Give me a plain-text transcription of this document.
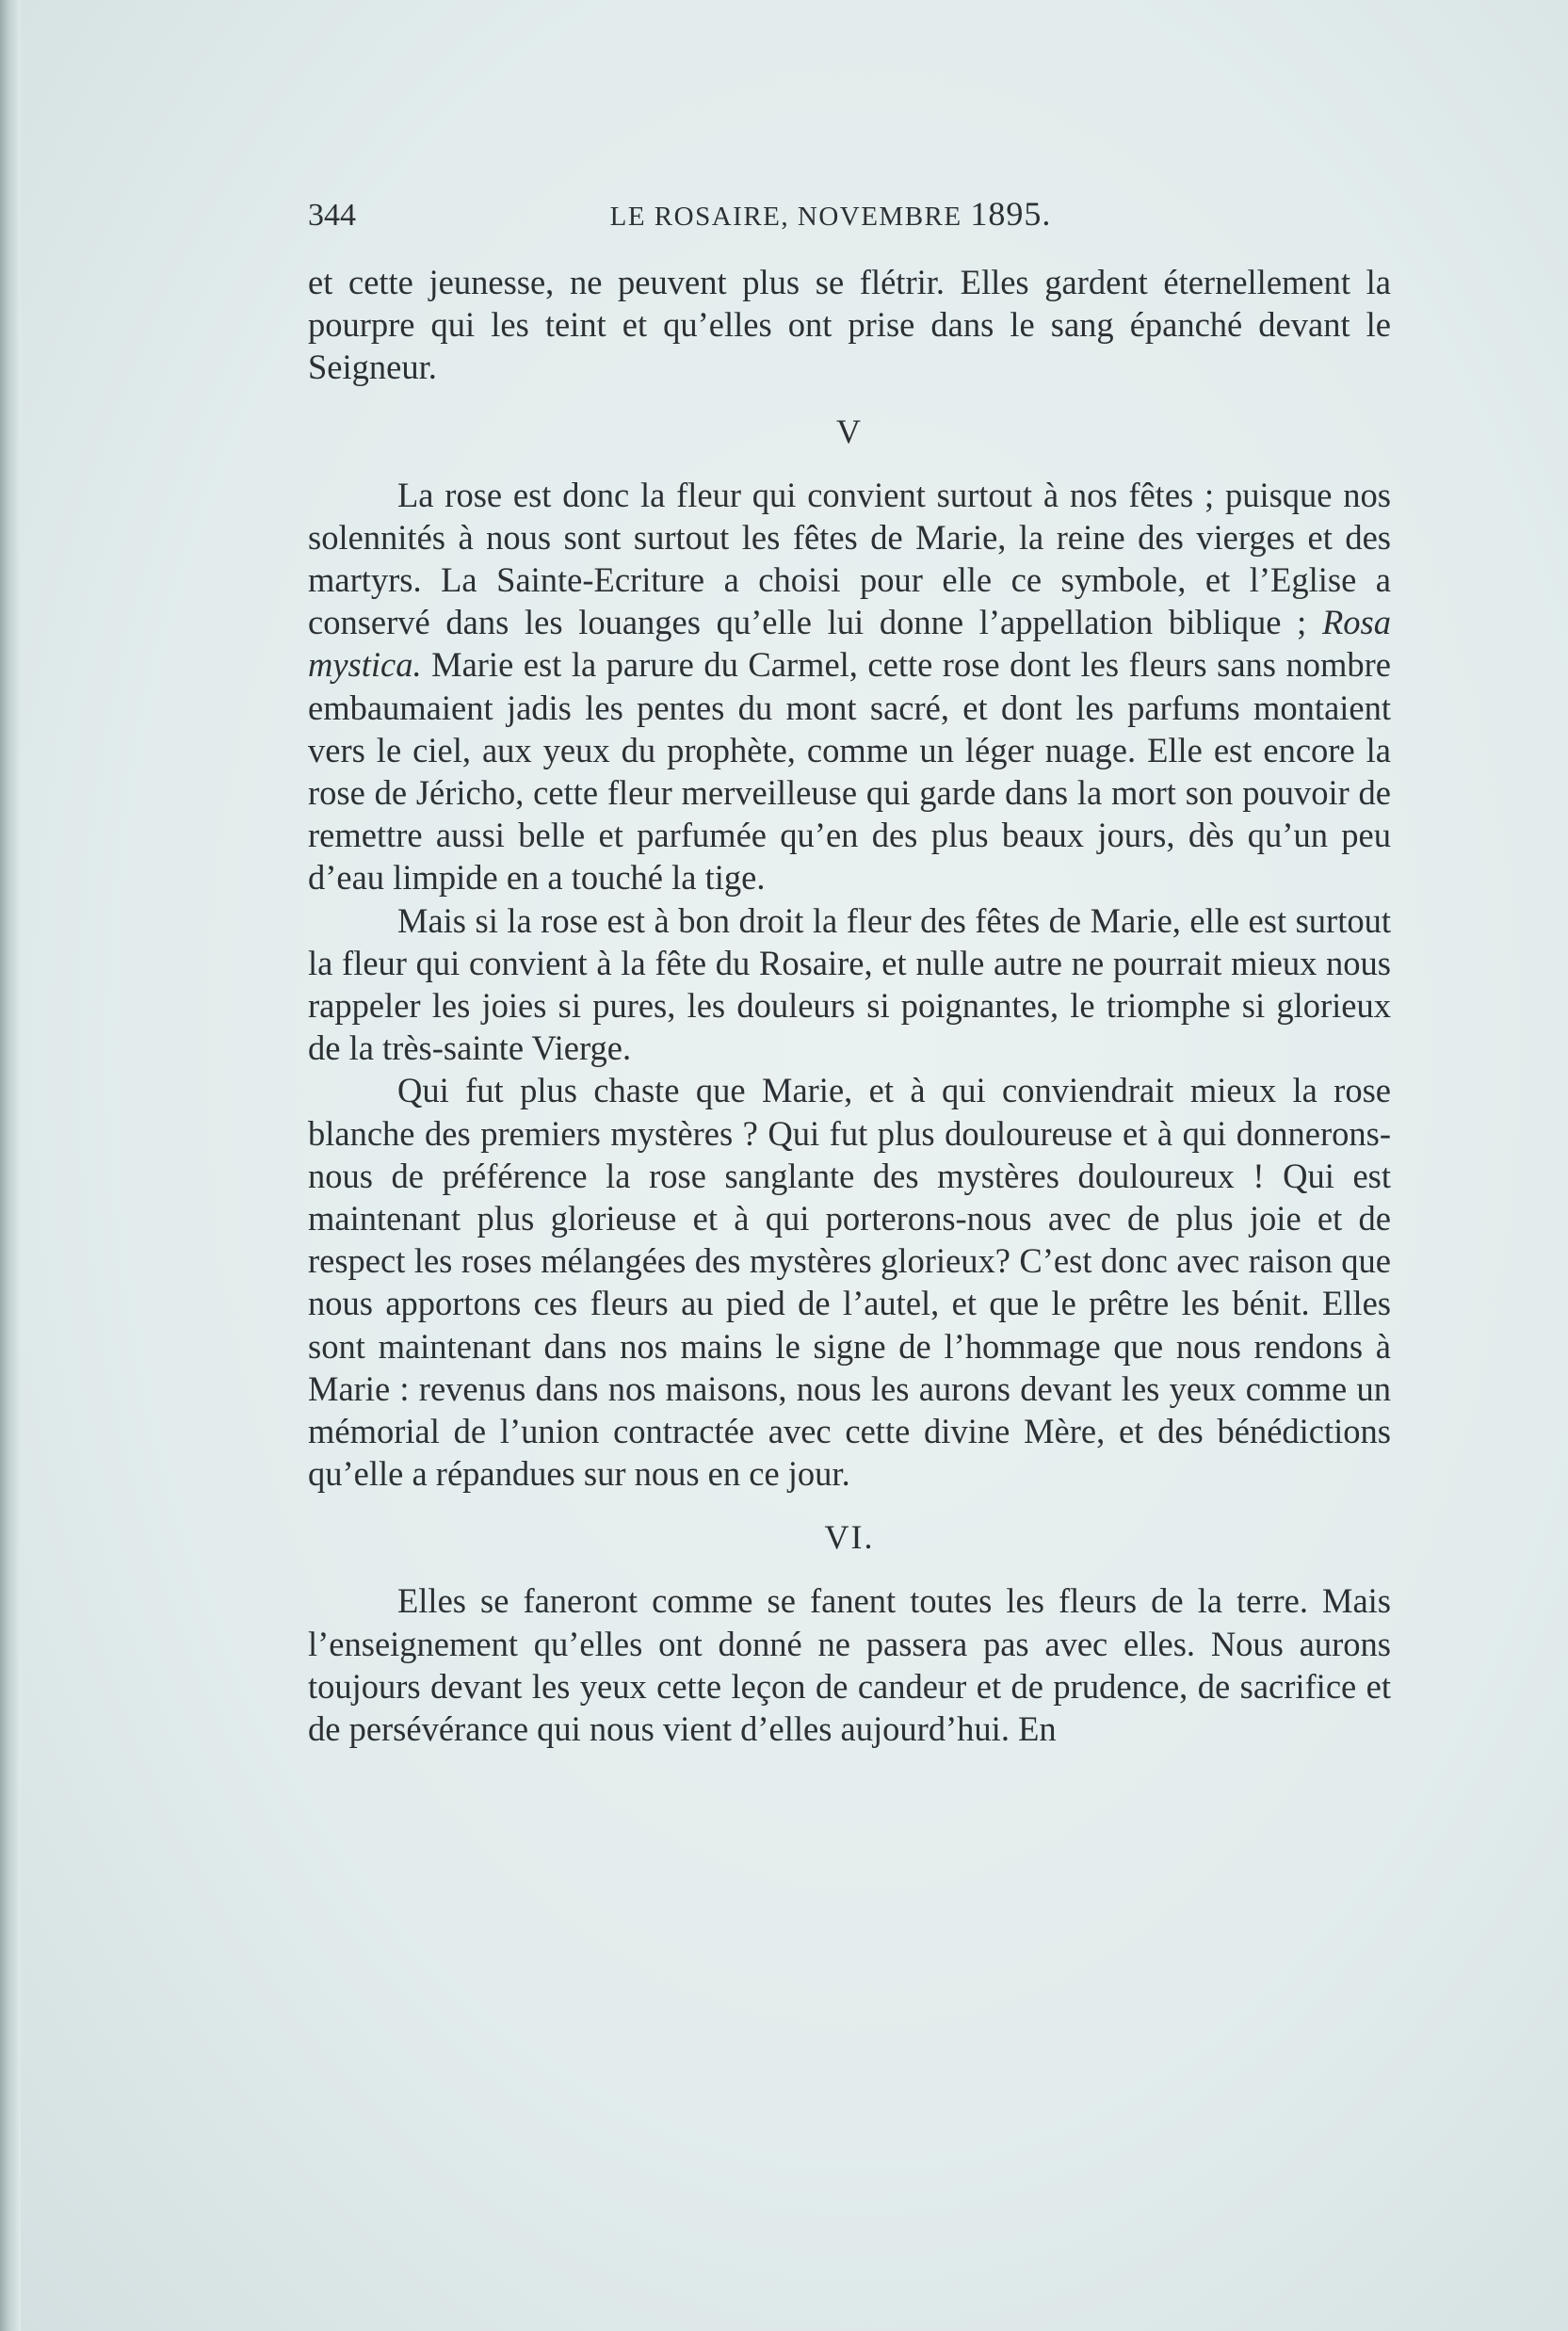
344	LE ROSAIRE, NOVEMBRE 1895.

et cette jeunesse, ne peuvent plus se flétrir. Elles gardent éternellement la pourpre qui les teint et qu’elles ont prise dans le sang épanché devant le Seigneur.

V

La rose est donc la fleur qui convient surtout à nos fêtes ; puisque nos solennités à nous sont surtout les fêtes de Marie, la reine des vierges et des martyrs. La Sainte-Ecriture a choisi pour elle ce symbole, et l’Eglise a conservé dans les louanges qu’elle lui donne l’appellation biblique ; Rosa mystica. Marie est la parure du Carmel, cette rose dont les fleurs sans nombre embaumaient jadis les pentes du mont sacré, et dont les parfums montaient vers le ciel, aux yeux du prophète, comme un léger nuage. Elle est encore la rose de Jéricho, cette fleur merveilleuse qui garde dans la mort son pouvoir de remettre aussi belle et parfumée qu’en des plus beaux jours, dès qu’un peu d’eau limpide en a touché la tige.

Mais si la rose est à bon droit la fleur des fêtes de Marie, elle est surtout la fleur qui convient à la fête du Rosaire, et nulle autre ne pourrait mieux nous rappeler les joies si pures, les douleurs si poignantes, le triomphe si glorieux de la très-sainte Vierge.

Qui fut plus chaste que Marie, et à qui conviendrait mieux la rose blanche des premiers mystères ? Qui fut plus douloureuse et à qui donnerons-nous de préférence la rose sanglante des mystères douloureux ! Qui est maintenant plus glorieuse et à qui porterons-nous avec de plus joie et de respect les roses mélangées des mystères glorieux? C’est donc avec raison que nous apportons ces fleurs au pied de l’autel, et que le prêtre les bénit. Elles sont maintenant dans nos mains le signe de l’hommage que nous rendons à Marie : revenus dans nos maisons, nous les aurons devant les yeux comme un mémorial de l’union contractée avec cette divine Mère, et des bénédictions qu’elle a répandues sur nous en ce jour.

VI.

Elles se faneront comme se fanent toutes les fleurs de la terre. Mais l’enseignement qu’elles ont donné ne passera pas avec elles. Nous aurons toujours devant les yeux cette leçon de candeur et de prudence, de sacrifice et de persévérance qui nous vient d’elles aujourd’hui. En
